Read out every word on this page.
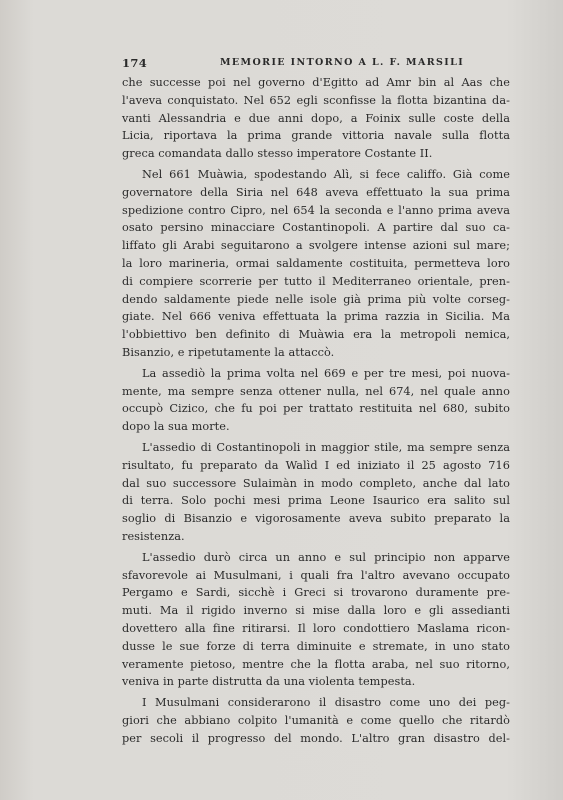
174	MEMORIE INTORNO A L. F. MARSILI
che successe poi nel governo d'Egitto ad Amr bin al Aas che
l'aveva conquistato. Nel 652 egli sconfisse la flotta bizantina da-
vanti Alessandria e due anni dopo, a Foinix sulle coste della
Licia, riportava la prima grande vittoria navale sulla flotta
greca comandata dallo stesso imperatore Costante II.
Nel 661 Muàwia, spodestando Alì, si fece califfo. Già come
governatore della Siria nel 648 aveva effettuato la sua prima
spedizione contro Cipro, nel 654 la seconda e l'anno prima aveva
osato persino minacciare Costantinopoli. A partire dal suo ca-
liffato gli Arabi seguitarono a svolgere intense azioni sul mare;
la loro marineria, ormai saldamente costituita, permetteva loro
di compiere scorrerie per tutto il Mediterraneo orientale, pren-
dendo saldamente piede nelle isole già prima più volte corseg-
giate. Nel 666 veniva effettuata la prima razzia in Sicilia. Ma
l'obbiettivo ben definito di Muàwia era la metropoli nemica,
Bisanzio, e ripetutamente la attaccò.
La assediò la prima volta nel 669 e per tre mesi, poi nuova-
mente, ma sempre senza ottener nulla, nel 674, nel quale anno
occupò Cizico, che fu poi per trattato restituita nel 680, subito
dopo la sua morte.
L'assedio di Costantinopoli in maggior stile, ma sempre senza
risultato, fu preparato da Walìd I ed iniziato il 25 agosto 716
dal suo successore Sulaimàn in modo completo, anche dal lato
di terra. Solo pochi mesi prima Leone Isaurico era salito sul
soglio di Bisanzio e vigorosamente aveva subito preparato la
resistenza.
L'assedio durò circa un anno e sul principio non apparve
sfavorevole ai Musulmani, i quali fra l'altro avevano occupato
Pergamo e Sardi, sicchè i Greci si trovarono duramente pre-
muti. Ma il rigido inverno si mise dalla loro e gli assedianti
dovettero alla fine ritirarsi. Il loro condottiero Maslama ricon-
dusse le sue forze di terra diminuite e stremate, in uno stato
veramente pietoso, mentre che la flotta araba, nel suo ritorno,
veniva in parte distrutta da una violenta tempesta.
I Musulmani considerarono il disastro come uno dei peg-
giori che abbiano colpito l'umanità e come quello che ritardò
per secoli il progresso del mondo. L'altro gran disastro del-
